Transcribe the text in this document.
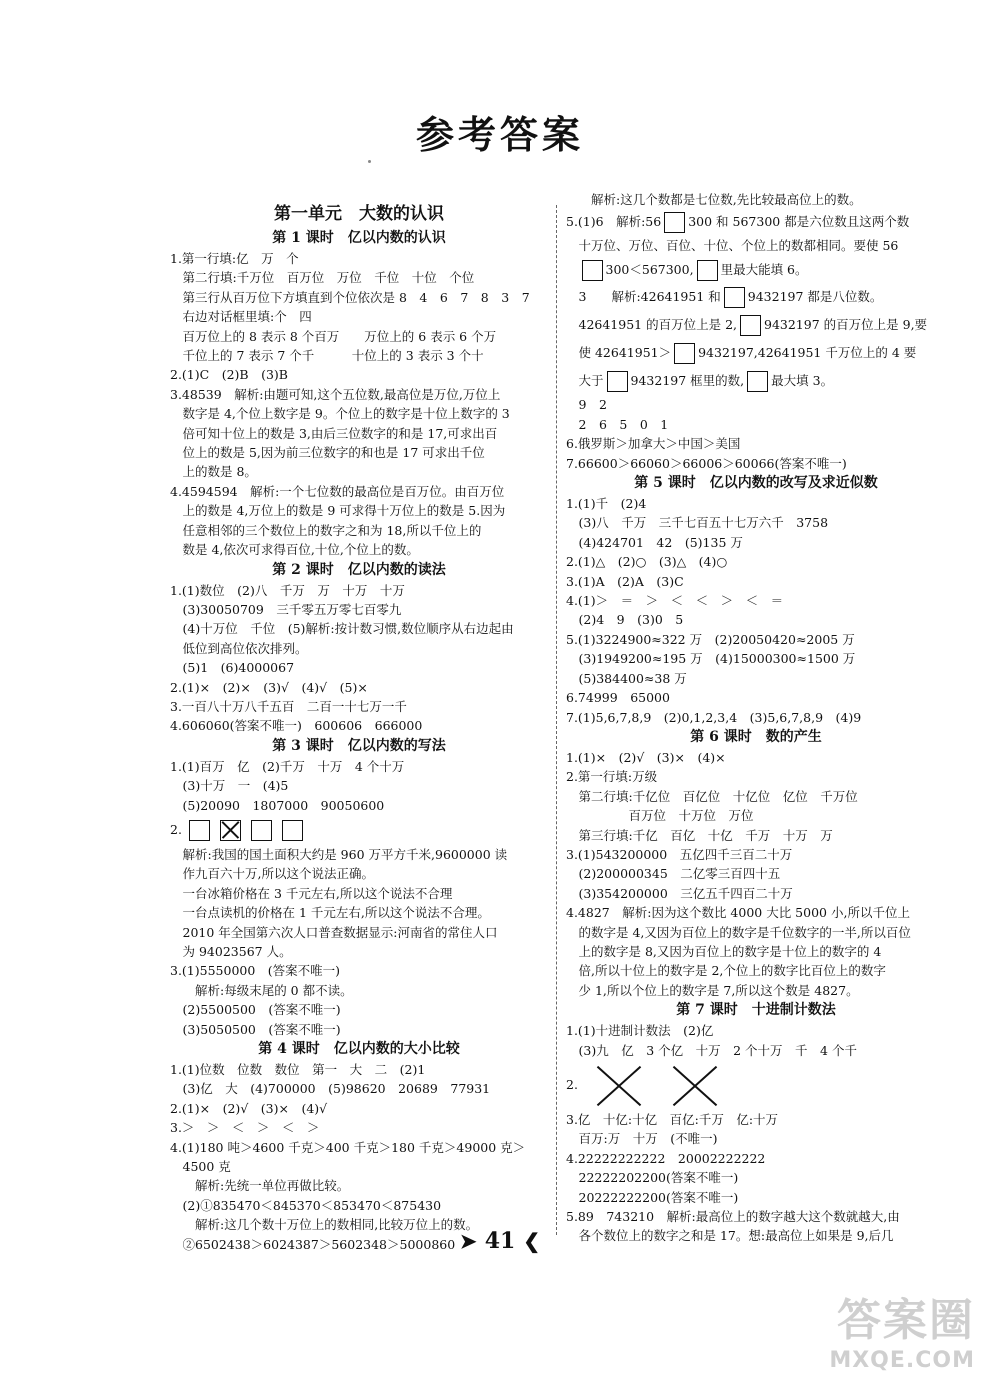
参考答案
第一单元　大数的认识
第 1 课时　亿以内数的认识
1.第一行填:亿　万　个
　第二行填:千万位　百万位　万位　千位　十位　个位
　第三行从百万位下方填直到个位依次是 8　4　6　7　8　3　7
　右边对话框里填:个　四
　百万位上的 8 表示 8 个百万　　万位上的 6 表示 6 个万
　千位上的 7 表示 7 个千　　　十位上的 3 表示 3 个十
2.(1)C　(2)B　(3)B
3.48539　解析:由题可知,这个五位数,最高位是万位,万位上
　数字是 4,个位上数字是 9。个位上的数字是十位上数字的 3
　倍可知十位上的数是 3,由后三位数字的和是 17,可求出百
　位上的数是 5,因为前三位数字的和也是 17 可求出千位
　上的数是 8。
4.4594594　解析:一个七位数的最高位是百万位。由百万位
　上的数是 4,万位上的数是 9 可求得十万位上的数是 5.因为
　任意相邻的三个数位上的数字之和为 18,所以千位上的
　数是 4,依次可求得百位,十位,个位上的数。
第 2 课时　亿以内数的读法
1.(1)数位　(2)八　千万　万　十万　十万
　(3)30050709　三千零五万零七百零九
　(4)十万位　千位　(5)解析:按计数习惯,数位顺序从右边起由
　低位到高位依次排列。
　(5)1　(6)4000067
2.(1)×　(2)×　(3)√　(4)√　(5)×
3.一百八十万八千五百　二百一十七万一千
4.606060(答案不唯一)　600606　666000
第 3 课时　亿以内数的写法
1.(1)百万　亿　(2)千万　十万　4 个十万
　(3)十万　一　(4)5
　(5)20090　1807000　90050600
2.
　解析:我国的国土面积大约是 960 万平方千米,9600000 读
　作九百六十万,所以这个说法正确。
　一台冰箱价格在 3 千元左右,所以这个说法不合理
　一台点读机的价格在 1 千元左右,所以这个说法不合理。
　2010 年全国第六次人口普查数据显示:河南省的常住人口
　为 94023567 人。
3.(1)5550000　(答案不唯一)
　　解析:每级末尾的 0 都不读。
　(2)5500500　(答案不唯一)
　(3)5050500　(答案不唯一)
第 4 课时　亿以内数的大小比较
1.(1)位数　位数　数位　第一　大　二　(2)1
　(3)亿　大　(4)700000　(5)98620　20689　77931
2.(1)×　(2)√　(3)×　(4)√
3.＞　＞　＜　＞　＜　＞
4.(1)180 吨＞4600 千克＞400 千克＞180 千克＞49000 克＞
　4500 克
　　解析:先统一单位再做比较。
　(2)①835470＜845370＜853470＜875430
　　解析:这几个数十万位上的数相同,比较万位上的数。
　②6502438＞6024387＞5602348＞5000860
　　解析:这几个数都是七位数,先比较最高位上的数。
5.(1)6　解析:56 300 和 567300 都是六位数且这两个数
　十万位、万位、百位、十位、个位上的数都相同。要使 56
　300＜567300, 里最大能填 6。
　3　　解析:42641951 和 9432197 都是八位数。
　42641951 的百万位上是 2, 9432197 的百万位上是 9,要
　使 42641951＞ 9432197,42641951 千万位上的 4 要
　大于 9432197 框里的数, 最大填 3。
　9　2
　2　6　5　0　1
6.俄罗斯＞加拿大＞中国＞美国
7.66600＞66060＞66006＞60066(答案不唯一)
第 5 课时　亿以内数的改写及求近似数
1.(1)千　(2)4
　(3)八　千万　三千七百五十七万六千　3758
　(4)424701　42　(5)135 万
2.(1)△　(2)○　(3)△　(4)○
3.(1)A　(2)A　(3)C
4.(1)＞　＝　＞　＜　＜　＞　＜　＝
　(2)4　9　(3)0　5
5.(1)3224900≈322 万　(2)20050420≈2005 万
　(3)1949200≈195 万　(4)15000300≈1500 万
　(5)384400≈38 万
6.74999　65000
7.(1)5,6,7,8,9　(2)0,1,2,3,4　(3)5,6,7,8,9　(4)9
第 6 课时　数的产生
1.(1)×　(2)√　(3)×　(4)×
2.第一行填:万级
　第二行填:千亿位　百亿位　十亿位　亿位　千万位
　　　　　百万位　十万位　万位
　第三行填:千亿　百亿　十亿　千万　十万　万
3.(1)543200000　五亿四千三百二十万
　(2)200000345　二亿零三百四十五
　(3)354200000　三亿五千四百二十万
4.4827　解析:因为这个数比 4000 大比 5000 小,所以千位上
　的数字是 4,又因为百位上的数字是千位数字的一半,所以百位
　上的数字是 8,又因为百位上的数字是十位上的数字的 4
　倍,所以十位上的数字是 2,个位上的数字比百位上的数字
　少 1,所以个位上的数字是 7,所以这个数是 4827。
第 7 课时　十进制计数法
1.(1)十进制计数法　(2)亿
　(3)九　亿　3 个亿　十万　2 个十万　千　4 个千
2.
3.亿　十亿:十亿　百亿:千万　亿:十万
　百万:万　十万　(不唯一)
4.22222222222　20002222222
　22222202200(答案不唯一)
　20222222200(答案不唯一)
5.89　743210　解析:最高位上的数字越大这个数就越大,由
　各个数位上的数字之和是 17。想:最高位上如果是 9,后几
➤ 41 ❮
答案圈
MXQE.COM
